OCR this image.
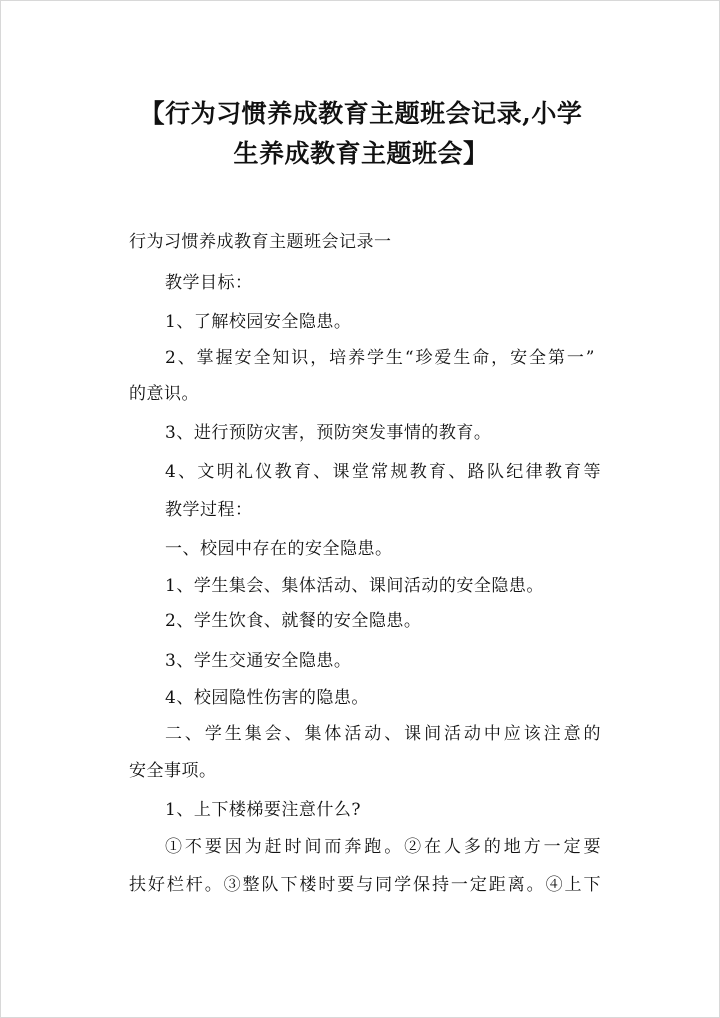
【行为习惯养成教育主题班会记录,小学
生养成教育主题班会】
行为习惯养成教育主题班会记录一
教学目标：
1、了解校园安全隐患。
2、掌握安全知识，培养学生“珍爱生命，安全第一”
的意识。
3、进行预防灾害，预防突发事情的教育。
4、文明礼仪教育、课堂常规教育、路队纪律教育等
教学过程：
一、校园中存在的安全隐患。
1、学生集会、集体活动、课间活动的安全隐患。
2、学生饮食、就餐的安全隐患。
3、学生交通安全隐患。
4、校园隐性伤害的隐患。
二、学生集会、集体活动、课间活动中应该注意的
安全事项。
1、上下楼梯要注意什么?
①不要因为赶时间而奔跑。②在人多的地方一定要
扶好栏杆。③整队下楼时要与同学保持一定距离。④上下
